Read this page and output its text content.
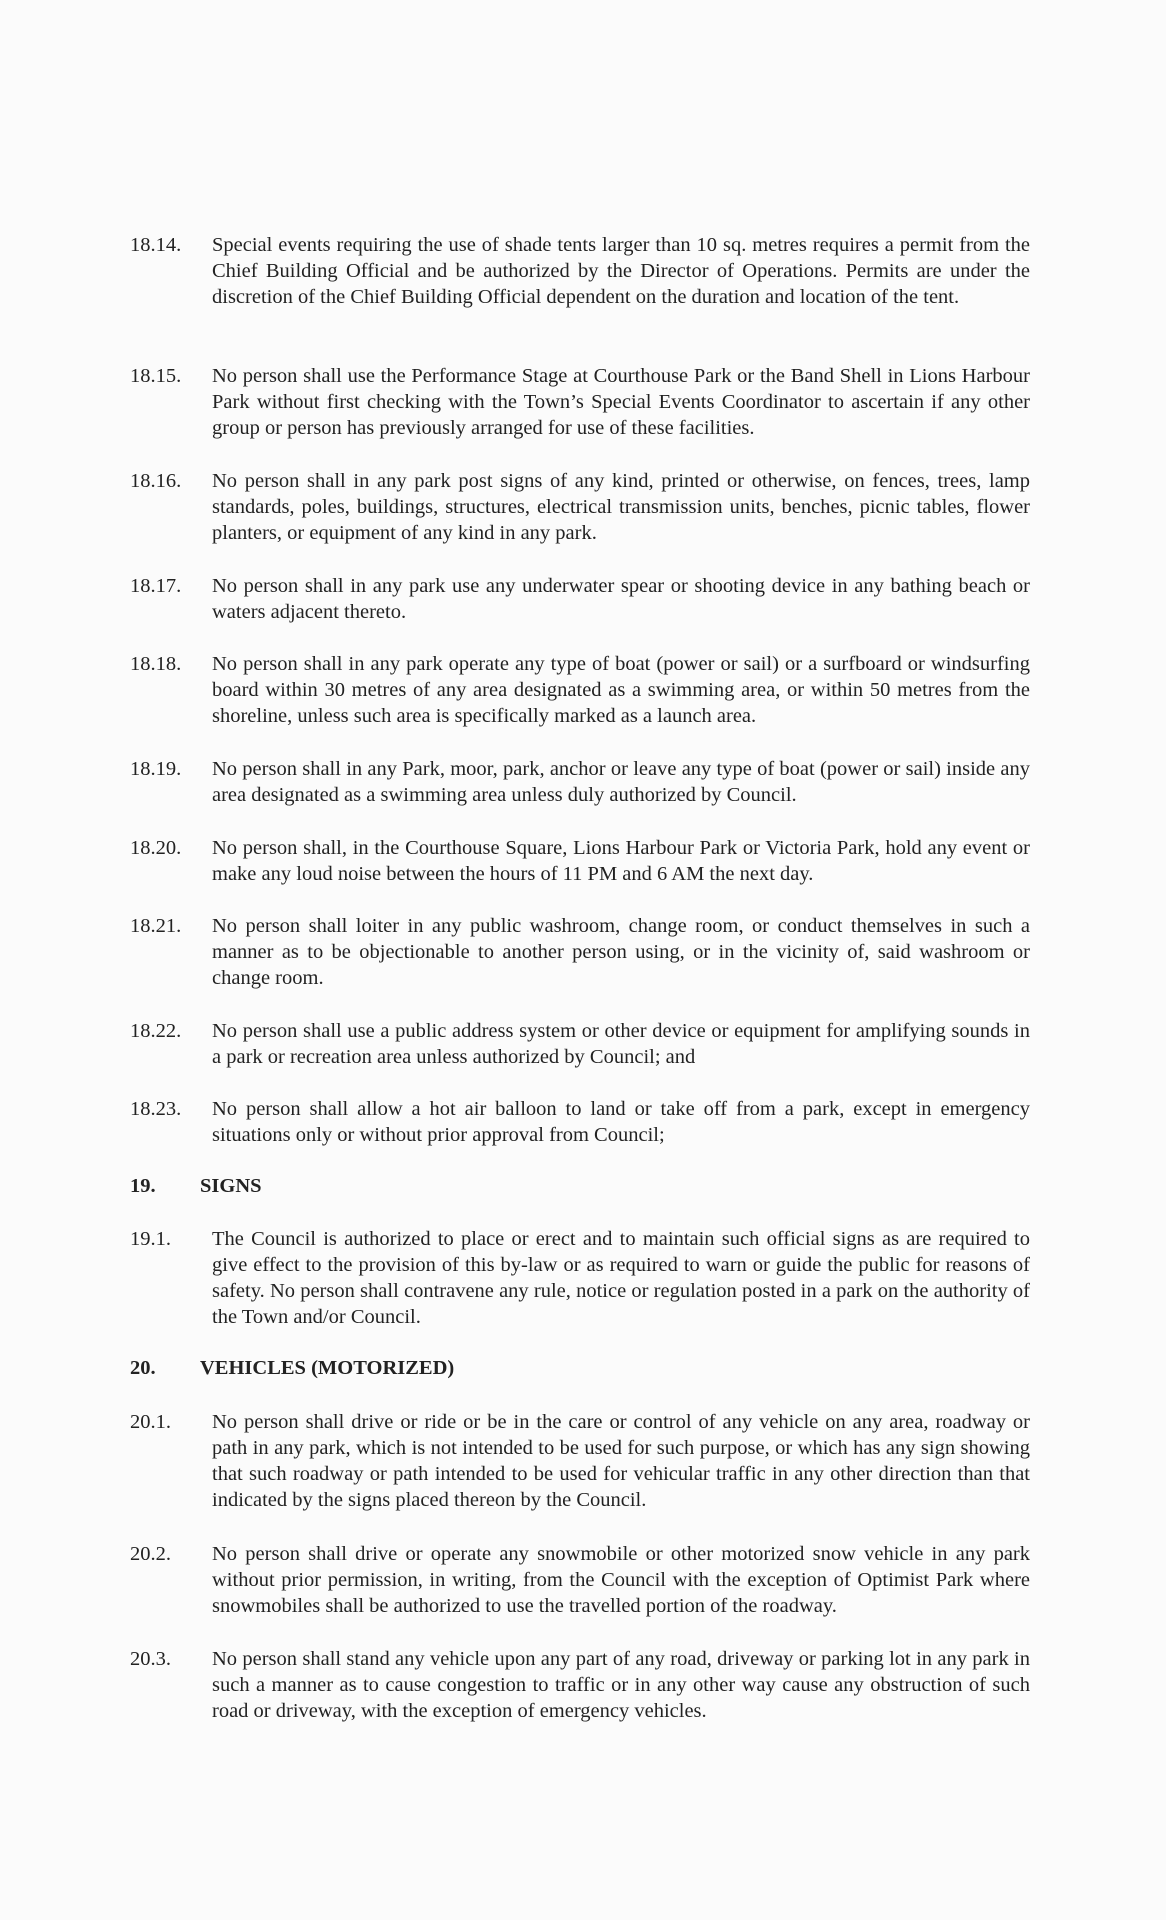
18.14.	Special events requiring the use of shade tents larger than 10 sq. metres requires a permit from the Chief Building Official and be authorized by the Director of Operations. Permits are under the discretion of the Chief Building Official dependent on the duration and location of the tent.
18.15.	No person shall use the Performance Stage at Courthouse Park or the Band Shell in Lions Harbour Park without first checking with the Town’s Special Events Coordinator to ascertain if any other group or person has previously arranged for use of these facilities.
18.16.	No person shall in any park post signs of any kind, printed or otherwise, on fences, trees, lamp standards, poles, buildings, structures, electrical transmission units, benches, picnic tables, flower planters, or equipment of any kind in any park.
18.17.	No person shall in any park use any underwater spear or shooting device in any bathing beach or waters adjacent thereto.
18.18.	No person shall in any park operate any type of boat (power or sail) or a surfboard or windsurfing board within 30 metres of any area designated as a swimming area, or within 50 metres from the shoreline, unless such area is specifically marked as a launch area.
18.19.	No person shall in any Park, moor, park, anchor or leave any type of boat (power or sail) inside any area designated as a swimming area unless duly authorized by Council.
18.20.	No person shall, in the Courthouse Square, Lions Harbour Park or Victoria Park, hold any event or make any loud noise between the hours of 11 PM and 6 AM the next day.
18.21.	No person shall loiter in any public washroom, change room, or conduct themselves in such a manner as to be objectionable to another person using, or in the vicinity of, said washroom or change room.
18.22.	No person shall use a public address system or other device or equipment for amplifying sounds in a park or recreation area unless authorized by Council; and
18.23.	No person shall allow a hot air balloon to land or take off from a park, except in emergency situations only or without prior approval from Council;
19. SIGNS
19.1.	The Council is authorized to place or erect and to maintain such official signs as are required to give effect to the provision of this by-law or as required to warn or guide the public for reasons of safety. No person shall contravene any rule, notice or regulation posted in a park on the authority of the Town and/or Council.
20. VEHICLES (MOTORIZED)
20.1.	No person shall drive or ride or be in the care or control of any vehicle on any area, roadway or path in any park, which is not intended to be used for such purpose, or which has any sign showing that such roadway or path intended to be used for vehicular traffic in any other direction than that indicated by the signs placed thereon by the Council.
20.2.	No person shall drive or operate any snowmobile or other motorized snow vehicle in any park without prior permission, in writing, from the Council with the exception of Optimist Park where snowmobiles shall be authorized to use the travelled portion of the roadway.
20.3.	No person shall stand any vehicle upon any part of any road, driveway or parking lot in any park in such a manner as to cause congestion to traffic or in any other way cause any obstruction of such road or driveway, with the exception of emergency vehicles.
